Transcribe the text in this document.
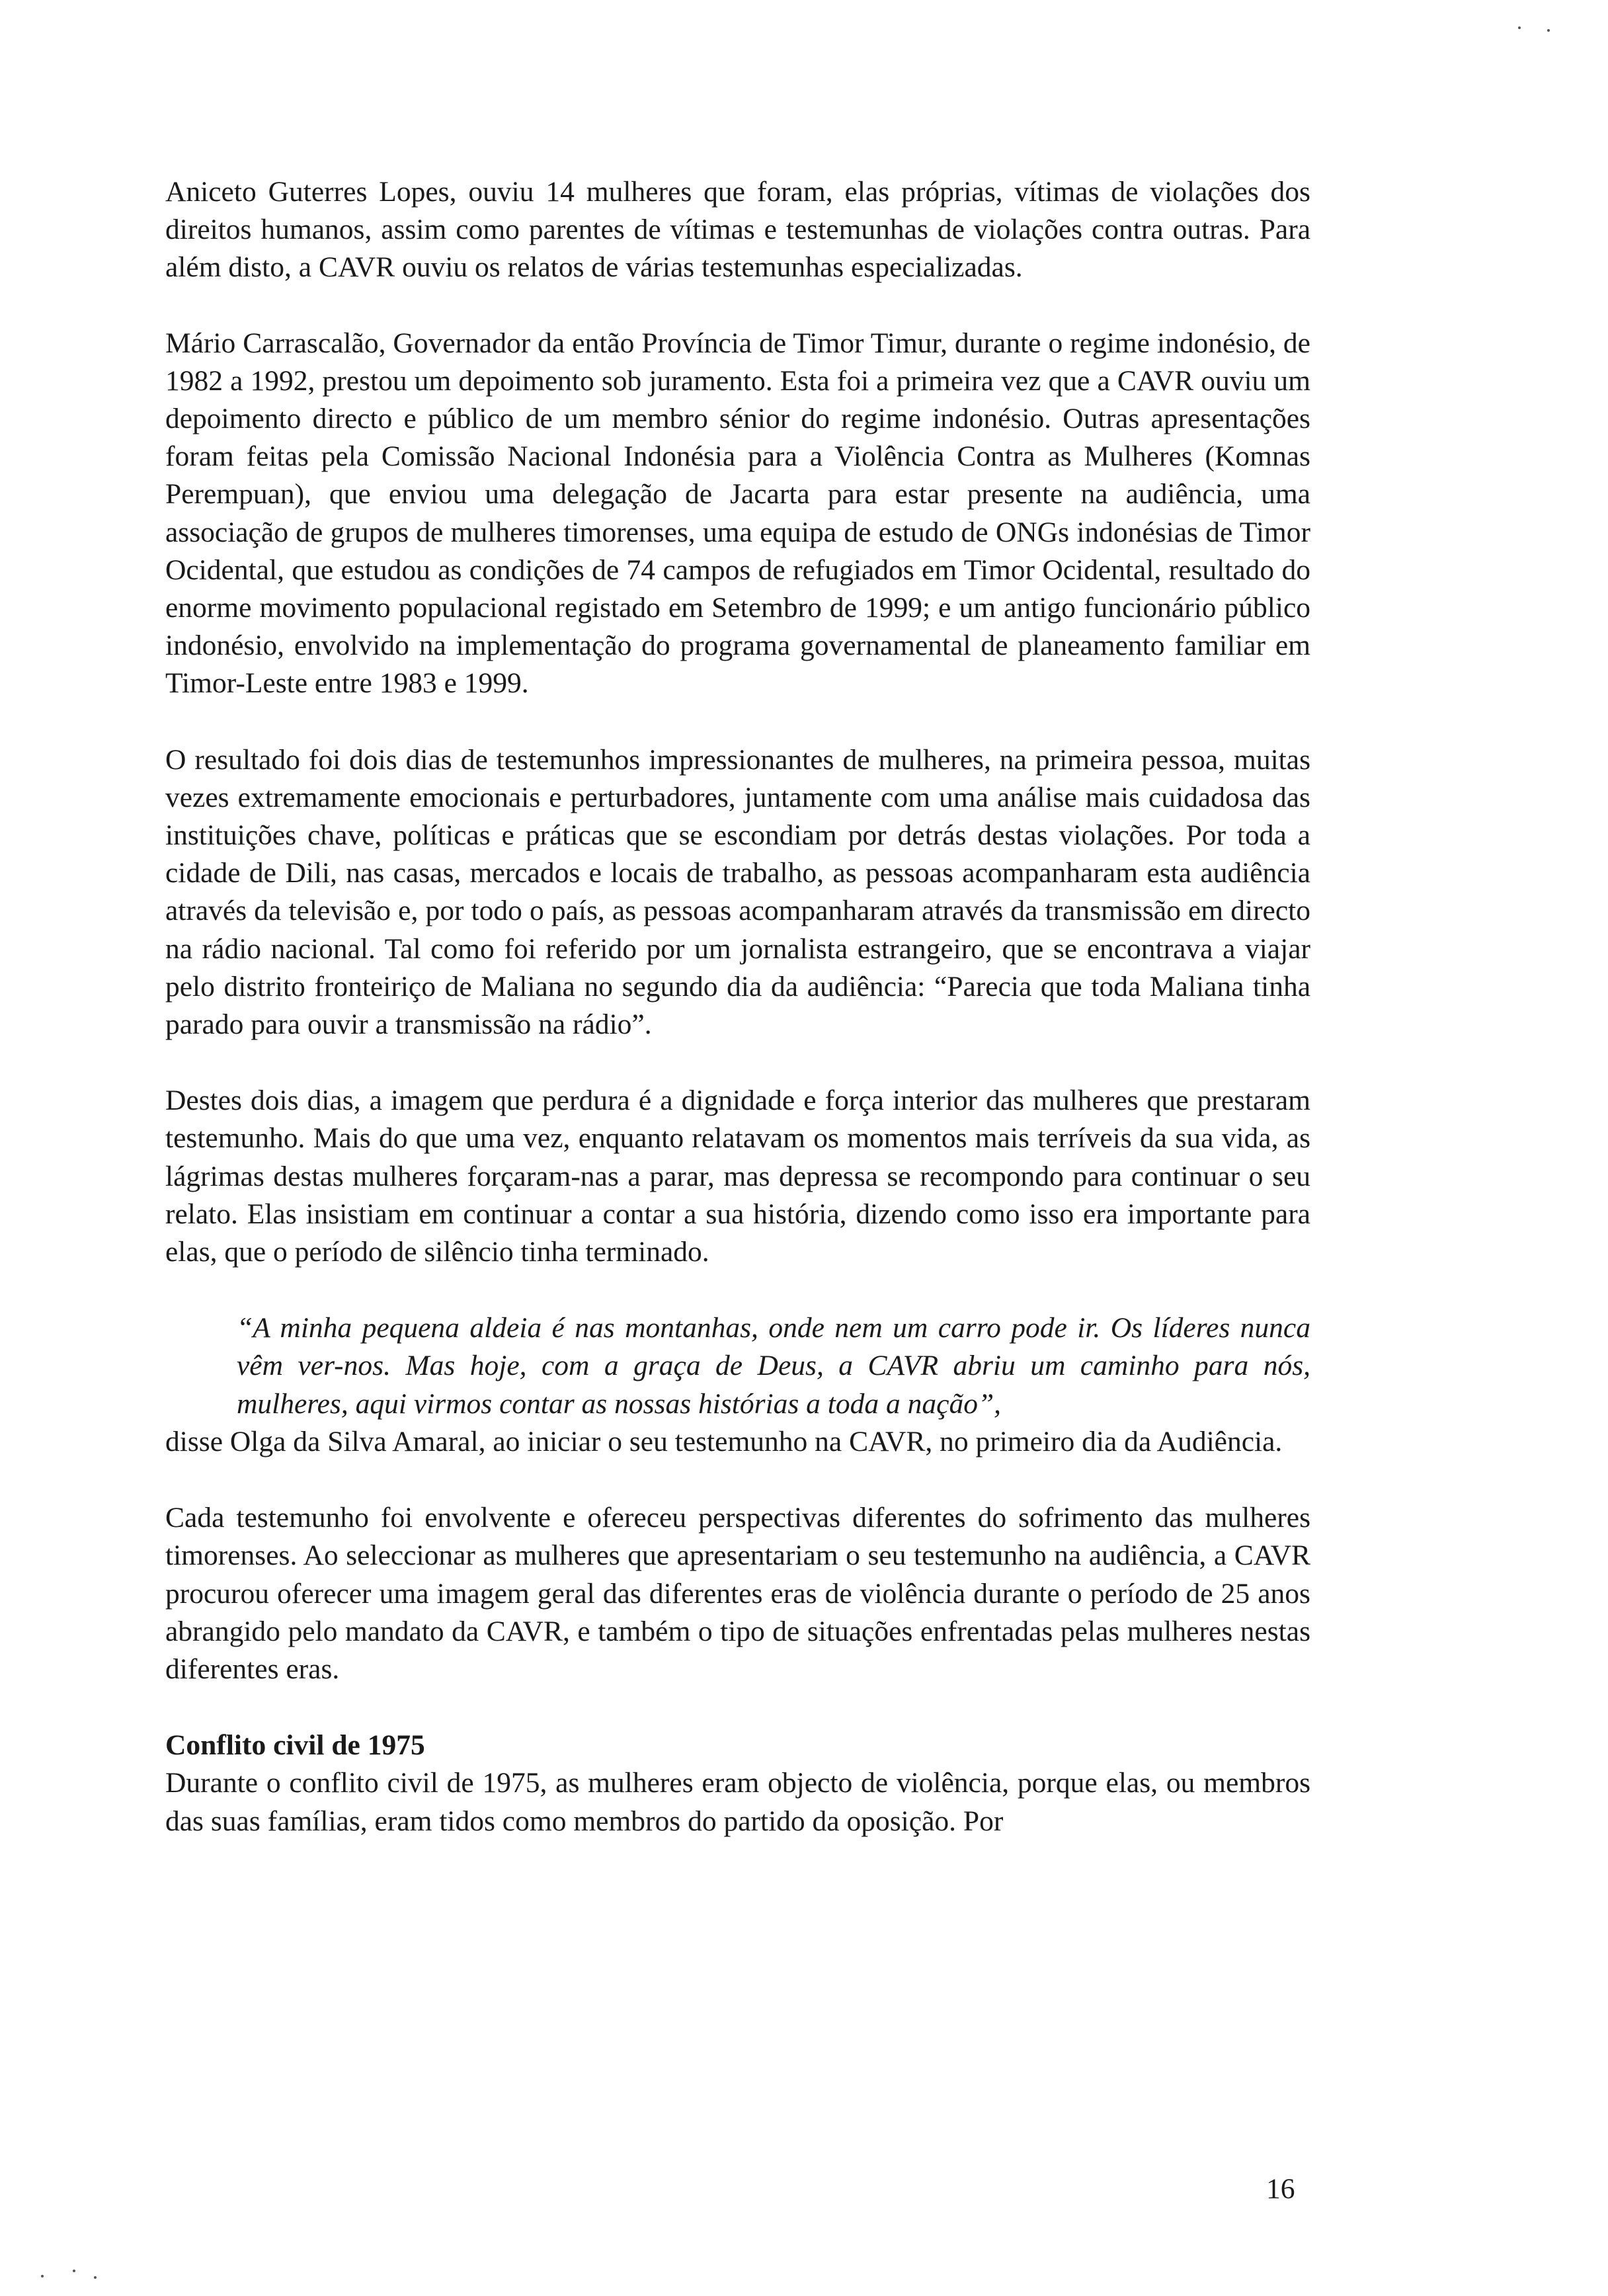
Aniceto Guterres Lopes, ouviu 14 mulheres que foram, elas próprias, vítimas de violações dos direitos humanos, assim como parentes de vítimas e testemunhas de violações contra outras. Para além disto, a CAVR ouviu os relatos de várias testemunhas especializadas.

Mário Carrascalão, Governador da então Província de Timor Timur, durante o regime indonésio, de 1982 a 1992, prestou um depoimento sob juramento. Esta foi a primeira vez que a CAVR ouviu um depoimento directo e público de um membro sénior do regime indonésio. Outras apresentações foram feitas pela Comissão Nacional Indonésia para a Violência Contra as Mulheres (Komnas Perempuan), que enviou uma delegação de Jacarta para estar presente na audiência, uma associação de grupos de mulheres timorenses, uma equipa de estudo de ONGs indonésias de Timor Ocidental, que estudou as condições de 74 campos de refugiados em Timor Ocidental, resultado do enorme movimento populacional registado em Setembro de 1999; e um antigo funcionário público indonésio, envolvido na implementação do programa governamental de planeamento familiar em Timor-Leste entre 1983 e 1999.

O resultado foi dois dias de testemunhos impressionantes de mulheres, na primeira pessoa, muitas vezes extremamente emocionais e perturbadores, juntamente com uma análise mais cuidadosa das instituições chave, políticas e práticas que se escondiam por detrás destas violações. Por toda a cidade de Dili, nas casas, mercados e locais de trabalho, as pessoas acompanharam esta audiência através da televisão e, por todo o país, as pessoas acompanharam através da transmissão em directo na rádio nacional. Tal como foi referido por um jornalista estrangeiro, que se encontrava a viajar pelo distrito fronteiriço de Maliana no segundo dia da audiência: “Parecia que toda Maliana tinha parado para ouvir a transmissão na rádio”.

Destes dois dias, a imagem que perdura é a dignidade e força interior das mulheres que prestaram testemunho. Mais do que uma vez, enquanto relatavam os momentos mais terríveis da sua vida, as lágrimas destas mulheres forçaram-nas a parar, mas depressa se recompondo para continuar o seu relato. Elas insistiam em continuar a contar a sua história, dizendo como isso era importante para elas, que o período de silêncio tinha terminado.

“A minha pequena aldeia é nas montanhas, onde nem um carro pode ir. Os líderes nunca vêm ver-nos. Mas hoje, com a graça de Deus, a CAVR abriu um caminho para nós, mulheres, aqui virmos contar as nossas histórias a toda a nação”,

disse Olga da Silva Amaral, ao iniciar o seu testemunho na CAVR, no primeiro dia da Audiência.

Cada testemunho foi envolvente e ofereceu perspectivas diferentes do sofrimento das mulheres timorenses. Ao seleccionar as mulheres que apresentariam o seu testemunho na audiência, a CAVR procurou oferecer uma imagem geral das diferentes eras de violência durante o período de 25 anos abrangido pelo mandato da CAVR, e também o tipo de situações enfrentadas pelas mulheres nestas diferentes eras.

Conflito civil de 1975

Durante o conflito civil de 1975, as mulheres eram objecto de violência, porque elas, ou membros das suas famílias, eram tidos como membros do partido da oposição. Por

16
